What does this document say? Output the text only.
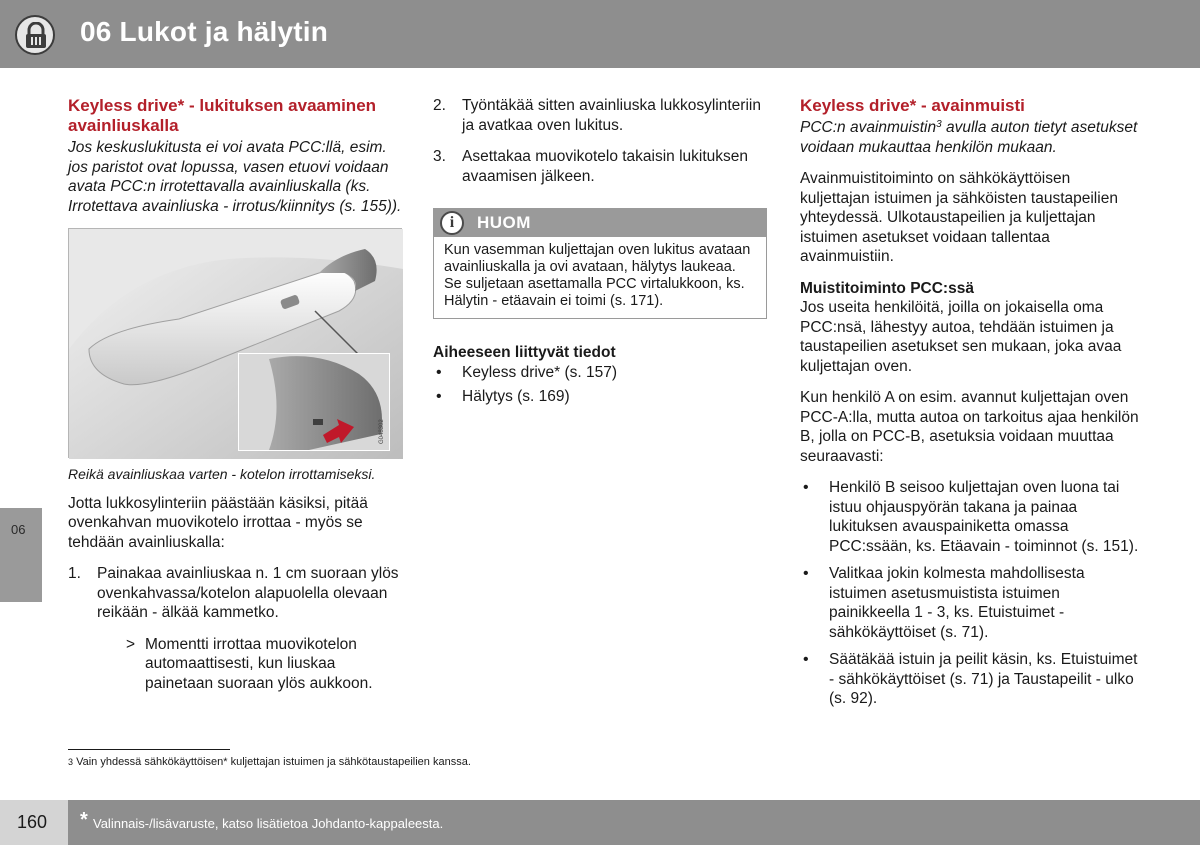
06 Lukot ja hälytin
06
Keyless drive* - lukituksen avaaminen avainliuskalla

Jos keskuslukitusta ei voi avata PCC:llä, esim. jos paristot ovat lopussa, vasen etuovi voidaan avata PCC:n irrotettavalla avainliuskalla (ks. Irrotettava avainliuska - irrotus/kiinnitys (s. 155)).

G048302

Reikä avainliuskaa varten - kotelon irrottamiseksi.

Jotta lukkosylinteriin päästään käsiksi, pitää ovenkahvan muovikotelo irrottaa - myös se tehdään avainliuskalla:

1. Painakaa avainliuskaa n. 1 cm suoraan ylös ovenkahvassa/kotelon alapuolella olevaan reikään - älkää kammetko.
> Momentti irrottaa muovikotelon automaattisesti, kun liuskaa painetaan suoraan ylös aukkoon.
2. Työntäkää sitten avainliuska lukkosylinteriin ja avatkaa oven lukitus.
3. Asettakaa muovikotelo takaisin lukituksen avaamisen jälkeen.
i	HUOM
Kun vasemman kuljettajan oven lukitus avataan avainliuskalla ja ovi avataan, hälytys laukeaa. Se suljetaan asettamalla PCC virtalukkoon, ks. Hälytin - etäavain ei toimi (s. 171).
Aiheeseen liittyvät tiedot
• Keyless drive* (s. 157)
• Hälytys (s. 169)
Keyless drive* - avainmuisti

PCC:n avainmuistin$^3$ avulla auton tietyt asetukset voidaan mukauttaa henkilön mukaan.

Avainmuistitoiminto on sähkökäyttöisen kuljettajan istuimen ja sähköisten taustapeilien yhteydessä. Ulkotaustapeilien ja kuljettajan istuimen asetukset voidaan tallentaa avainmuistiin.

Muistitoiminto PCC:ssä

Jos useita henkilöitä, joilla on jokaisella oma PCC:nsä, lähestyy autoa, tehdään istuimen ja taustapeilien asetukset sen mukaan, joka avaa kuljettajan oven.

Kun henkilö A on esim. avannut kuljettajan oven PCC-A:lla, mutta autoa on tarkoitus ajaa henkilön B, jolla on PCC-B, asetuksia voidaan muuttaa seuraavasti:

• Henkilö B seisoo kuljettajan oven luona tai istuu ohjauspyörän takana ja painaa lukituksen avauspainiketta omassa PCC:ssään, ks. Etäavain - toiminnot (s. 151).
• Valitkaa jokin kolmesta mahdollisesta istuimen asetusmuistista istuimen painikkeella 1 - 3, ks. Etuistuimet - sähkökäyttöiset (s. 71).
• Säätäkää istuin ja peilit käsin, ks. Etuistuimet - sähkökäyttöiset (s. 71) ja Taustapeilit - ulko (s. 92).
3 Vain yhdessä sähkökäyttöisen* kuljettajan istuimen ja sähkötaustapeilien kanssa.
160 * Valinnais-/lisävaruste, katso lisätietoa Johdanto-kappaleesta.
